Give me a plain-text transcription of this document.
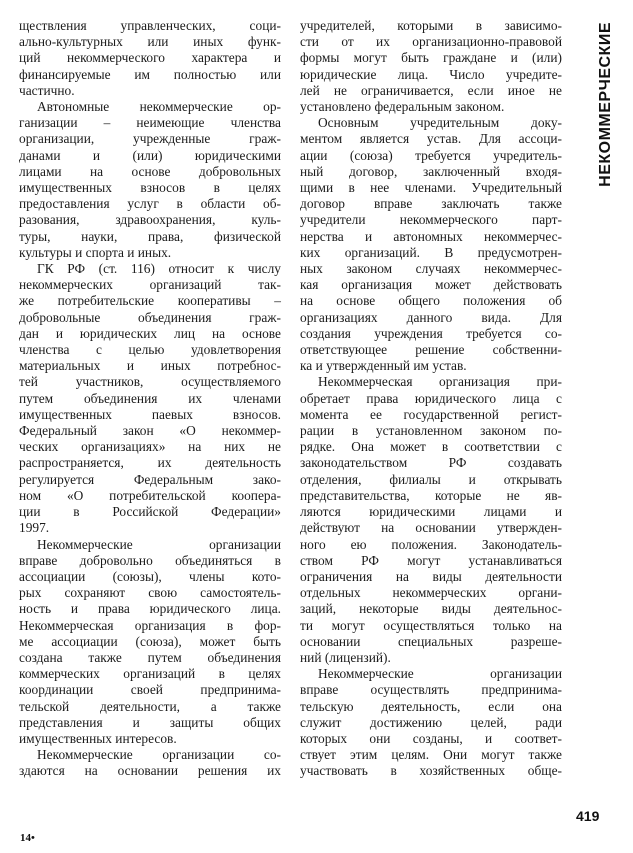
ществления управленческих, соци-
ально-культурных или иных функ-
ций некоммерческого характера и
финансируемые им полностью или
частично.
Автономные некоммерческие ор-
ганизации – неимеющие членства
организации, учрежденные граж-
данами и (или) юридическими
лицами на основе добровольных
имущественных взносов в целях
предоставления услуг в области об-
разования, здравоохранения, куль-
туры, науки, права, физической
культуры и спорта и иных.
ГК РФ (ст. 116) относит к числу
некоммерческих организаций так-
же потребительские кооперативы –
добровольные объединения граж-
дан и юридических лиц на основе
членства с целью удовлетворения
материальных и иных потребнос-
тей участников, осуществляемого
путем объединения их членами
имущественных паевых взносов.
Федеральный закон «О некоммер-
ческих организациях» на них не
распространяется, их деятельность
регулируется Федеральным зако-
ном «О потребительской коопера-
ции в Российской Федерации»
1997.
Некоммерческие организации
вправе добровольно объединяться в
ассоциации (союзы), члены кото-
рых сохраняют свою самостоятель-
ность и права юридического лица.
Некоммерческая организация в фор-
ме ассоциации (союза), может быть
создана также путем объединения
коммерческих организаций в целях
координации своей предпринима-
тельской деятельности, а также
представления и защиты общих
имущественных интересов.
Некоммерческие организации со-
здаются на основании решения их
учредителей, которыми в зависимо-
сти от их организационно-правовой
формы могут быть граждане и (или)
юридические лица. Число учредите-
лей не ограничивается, если иное не
установлено федеральным законом.
Основным учредительным доку-
ментом является устав. Для ассоци-
ации (союза) требуется учредитель-
ный договор, заключенный входя-
щими в нее членами. Учредительный
договор вправе заключать также
учредители некоммерческого парт-
нерства и автономных некоммерчес-
ких организаций. В предусмотрен-
ных законом случаях некоммерчес-
кая организация может действовать
на основе общего положения об
организациях данного вида. Для
создания учреждения требуется со-
ответствующее решение собственни-
ка и утвержденный им устав.
Некоммерческая организация при-
обретает права юридического лица с
момента ее государственной регист-
рации в установленном законом по-
рядке. Она может в соответствии с
законодательством РФ создавать
отделения, филиалы и открывать
представительства, которые не яв-
ляются юридическими лицами и
действуют на основании утвержден-
ного ею положения. Законодатель-
ством РФ могут устанавливаться
ограничения на виды деятельности
отдельных некоммерческих органи-
заций, некоторые виды деятельнос-
ти могут осуществляться только на
основании специальных разреше-
ний (лицензий).
Некоммерческие организации
вправе осуществлять предпринима-
тельскую деятельность, если она
служит достижению целей, ради
которых они созданы, и соответ-
ствует этим целям. Они могут также
участвовать в хозяйственных обще-
НЕКОММЕРЧЕСКИЕ
419
14•
